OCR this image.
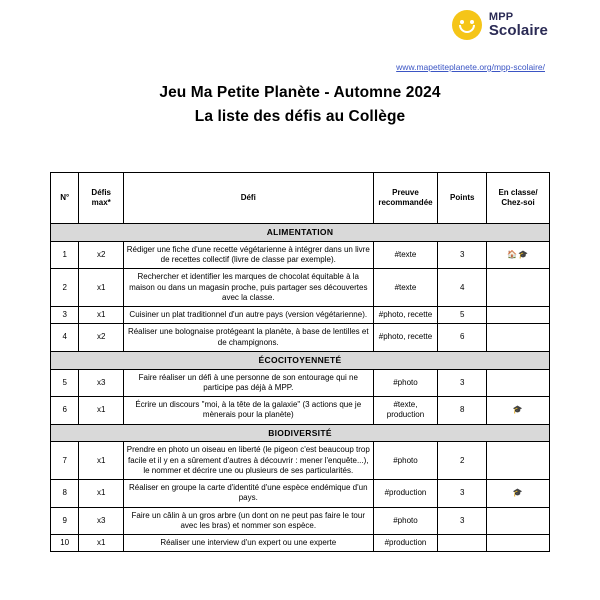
MPP
Scolaire
www.mapetiteplanete.org/mpp-scolaire/
Jeu Ma Petite Planète - Automne 2024
La liste des défis au Collège
N°	Défis max*	Défi	Preuve recommandée	Points	En classe/ Chez-soi
ALIMENTATION					
1	x2	Rédiger une fiche d'une recette végétarienne à intégrer dans un livre de recettes collectif (livre de classe par exemple).	#texte	3	🏠🎓
2	x1	Rechercher et identifier les marques de chocolat équitable à la maison ou dans un magasin proche, puis partager ses découvertes avec la classe.	#texte	4	
3	x1	Cuisiner un plat traditionnel d'un autre pays (version végétarienne).	#photo, recette	5	
4	x2	Réaliser une bolognaise protégeant la planète, à base de lentilles et de champignons.	#photo, recette	6	
ÉCOCITOYENNETÉ					
5	x3	Faire réaliser un défi à une personne de son entourage qui ne participe pas déjà à MPP.	#photo	3	
6	x1	Écrire un discours "moi, à la tête de la galaxie" (3 actions que je mènerais pour la planète)	#texte, production	8	🎓
BIODIVERSITÉ					
7	x1	Prendre en photo un oiseau en liberté (le pigeon c'est beaucoup trop facile et il y en a sûrement d'autres à découvrir : mener l'enquête...), le nommer et décrire une ou plusieurs de ses particularités.	#photo	2	
8	x1	Réaliser en groupe la carte d'identité d'une espèce endémique d'un pays.	#production	3	🎓
9	x3	Faire un câlin à un gros arbre (un dont on ne peut pas faire le tour avec les bras) et nommer son espèce.	#photo	3	
10	x1	Réaliser une interview d'un expert ou une experte	#production		
